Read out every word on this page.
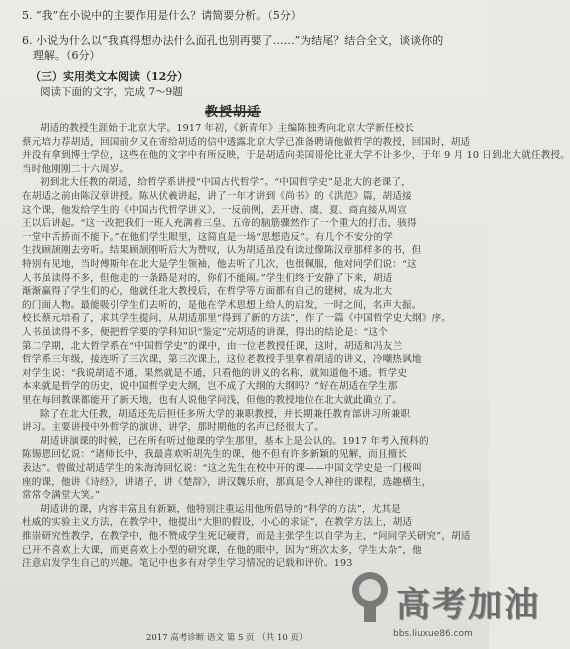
5. “我”在小说中的主要作用是什么？请简要分析。（5分）
6. 小说为什么以“我真得想办法什么面孔也别再要了……”为结尾？结合全文，谈谈你的
理解。（6分）
（三）实用类文本阅读（12分）
阅读下面的文字，完成 7～9题
教授胡适
胡适的教授生涯始于北京大学。1917 年初，《新青年》主编陈独秀向北京大学新任校长
蔡元培力荐胡适，回国前夕又在寄给胡适的信中透露北京大学已准备聘请他做哲学的教授，回国时，胡适
并没有拿到博士学位，这些在他的文字中有所反映，于是胡适向美国哥伦比亚大学不计多少，于年 9 月 10 日到北大就任教授。
当时他刚刚二十六周岁。
初到北大任教的胡适，给哲学系讲授“中国古代哲学”。“中国哲学史”是北大的老课了，
在胡适之前由陈汉章讲授。陈从伏羲讲起，讲了一年才讲到《尚书》的《洪范》篇，胡适接
这个课，他发给学生的《中国古代哲学讲义》，一反前例，丢开唐、虞、夏、商直接从周宣
王以后讲起。“这一改把我们一班人充满着三皇、五帝的脑筋骤然作了一个重大的打击，骇得
一堂中舌挢而不能下。”在他们学生眼里，这简直是一场“思想造反”。有几个不安分的学
生找顾颉刚去旁听。结果顾颉刚听后大为赞叹，认为胡适虽没有读过像陈汉章那样多的书，但
特别有见地，当时傅斯年在北大是学生领袖，他去听了几次，也很佩服，他对同学们说：“这
人书虽读得不多，但他走的一条路是对的，你们不能闹。”学生们终于安静了下来，胡适
渐渐赢得了学生们的心，他就任北大教授后，在哲学等方面都有自己的建树，成为北大
的门面人物。最能吸引学生们去听的，是他在学术思想上给人的启发，一时之间，名声大振。
校长蔡元培看了，求其学生提问，从胡适那里“得到了新的方法”，作了一篇《中国哲学史大纲》序。
人书虽读得不多，便把哲学要的学科知识“鉴定”完胡适的讲课，得出的结论是：“这个
第二学期，北大哲学系在“中国哲学史”的课中，由一位老教授任课，这时，胡适和冯友兰
哲学系三年级，接连听了三次课，第三次课上，这位老教授手里拿着胡适的讲义，冷嘲热讽地
对学生说：“我说胡适不通，果然就是不通，只看他的讲义的名称，就知道他不通。哲学史
本来就是哲学的历史，说中国哲学史大纲，岂不成了大纲的大纲吗？”好在胡适在学生那
里在每回教课都能开了新天地，也有人说他学问浅，但他的教授地位在北大就此确立了。
除了在北大任教，胡适还先后担任多所大学的兼职教授，并长期兼任教育部讲习所兼职
讲习。主要讲授中外哲学的演讲、讲学，那时期他的名声已经很大了。
胡适讲演课的时候，已在所有听过他课的学生那里，基本上是公认的。1917 年考入预科的
陈锡恩回忆说：“诸师长中，我最喜欢听胡先生的课，他不但有许多新颖的见解，而且擅长
表达”。曾做过胡适学生的朱海涛回忆说：“这之先生在校中开的课——中国文学史是一门极叫
座的课，他讲《诗经》，讲诸子，讲《楚辞》，讲汉魏乐府，那真是令人神往的课程，选趣横生，
常常令满堂大笑。”
胡适讲的课，内容丰富且有新颖，他特别注重运用他所倡导的“科学的方法”，尤其是
杜威的实验主义方法，在教学中，他提出“大胆的假设，小心的求证”，在教学方法上，胡适
推崇研究性教学，在教学中，他不赞成学生死记硬背，而是主张学生以自学为主，“问同学关研究”，胡适
已开不喜欢上大课，而更喜欢上小型的研究课，在他的眼中，因为“班次太多，学生太杂”，他
注意启发学生自己的兴趣。笔记中也多有对学生学习情况的记载和评价。193
高考加油
bbs.liuxue86.com
2017 高考诊断 语文 第 5 页 （共 10 页）
